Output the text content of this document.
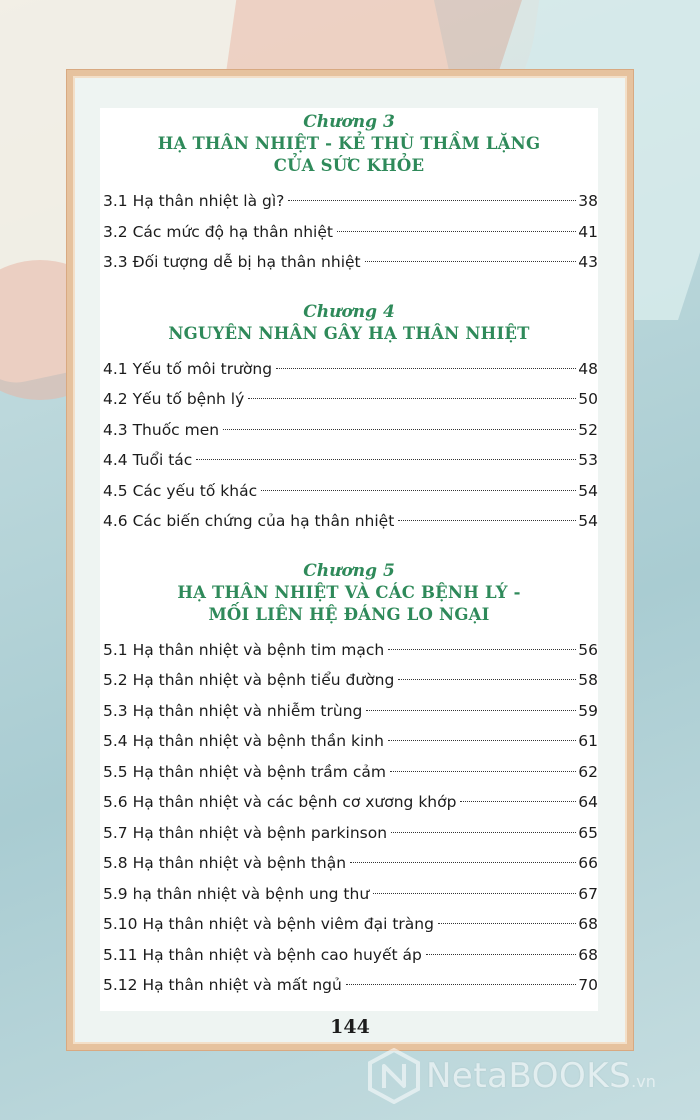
Chương 3
HẠ THÂN NHIỆT - KẺ THÙ THẦM LẶNG
CỦA SỨC KHỎE
3.1 Hạ thân nhiệt là gì?	38
3.2 Các mức độ hạ thân nhiệt	41
3.3 Đối tượng dễ bị hạ thân nhiệt	43
Chương 4
NGUYÊN NHÂN GÂY HẠ THÂN NHIỆT
4.1 Yếu tố môi trường	48
4.2 Yếu tố bệnh lý	50
4.3 Thuốc men	52
4.4 Tuổi tác	53
4.5 Các yếu tố khác	54
4.6 Các biến chứng của hạ thân nhiệt	54
Chương 5
HẠ THÂN NHIỆT VÀ CÁC BỆNH LÝ -
MỐI LIÊN HỆ ĐÁNG LO NGẠI
5.1 Hạ thân nhiệt và bệnh tim mạch	56
5.2 Hạ thân nhiệt và bệnh tiểu đường	58
5.3 Hạ thân nhiệt và nhiễm trùng	59
5.4 Hạ thân nhiệt và bệnh thần kinh	61
5.5 Hạ thân nhiệt và bệnh trầm cảm	62
5.6 Hạ thân nhiệt và các bệnh cơ xương khớp	64
5.7 Hạ thân nhiệt và bệnh parkinson	65
5.8 Hạ thân nhiệt và bệnh thận	66
5.9 hạ thân nhiệt và bệnh ung thư	67
5.10 Hạ thân nhiệt và bệnh viêm đại tràng	68
5.11 Hạ thân nhiệt và bệnh cao huyết áp	68
5.12 Hạ thân nhiệt và mất ngủ	70
144
NetaBOOKS .vn
